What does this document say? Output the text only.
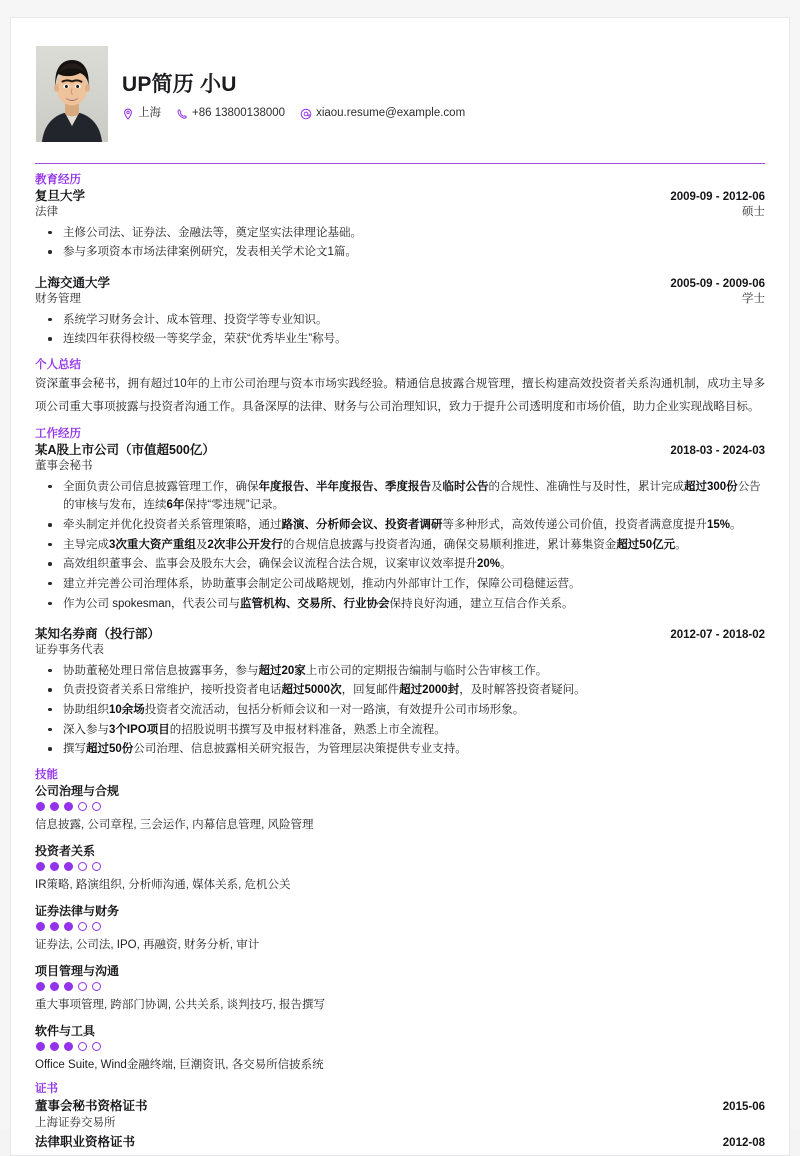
UP简历 小U
上海	+86 13800138000	xiaou.resume@example.com
教育经历
复旦大学	2009-09 - 2012-06
法律	硕士
主修公司法、证券法、金融法等，奠定坚实法律理论基础。
参与多项资本市场法律案例研究，发表相关学术论文1篇。
上海交通大学	2005-09 - 2009-06
财务管理	学士
系统学习财务会计、成本管理、投资学等专业知识。
连续四年获得校级一等奖学金，荣获“优秀毕业生”称号。
个人总结

资深董事会秘书，拥有超过10年的上市公司治理与资本市场实践经验。精通信息披露合规管理，擅长构建高效投资者关系沟通机制，成功主导多项公司重大事项披露与投资者沟通工作。具备深厚的法律、财务与公司治理知识，致力于提升公司透明度和市场价值，助力企业实现战略目标。

工作经历
某A股上市公司（市值超500亿）	2018-03 - 2024-03
董事会秘书
全面负责公司信息披露管理工作，确保年度报告、半年度报告、季度报告及临时公告的合规性、准确性与及时性，累计完成超过300份公告的审核与发布，连续6年保持“零违规”记录。
牵头制定并优化投资者关系管理策略，通过路演、分析师会议、投资者调研等多种形式，高效传递公司价值，投资者满意度提升15%。
主导完成3次重大资产重组及2次非公开发行的合规信息披露与投资者沟通，确保交易顺利推进，累计募集资金超过50亿元。
高效组织董事会、监事会及股东大会，确保会议流程合法合规，议案审议效率提升20%。
建立并完善公司治理体系，协助董事会制定公司战略规划，推动内外部审计工作，保障公司稳健运营。
作为公司 spokesman，代表公司与监管机构、交易所、行业协会保持良好沟通，建立互信合作关系。
某知名券商（投行部）	2012-07 - 2018-02
证券事务代表
协助董秘处理日常信息披露事务，参与超过20家上市公司的定期报告编制与临时公告审核工作。
负责投资者关系日常维护，接听投资者电话超过5000次，回复邮件超过2000封，及时解答投资者疑问。
协助组织10余场投资者交流活动，包括分析师会议和一对一路演，有效提升公司市场形象。
深入参与3个IPO项目的招股说明书撰写及申报材料准备，熟悉上市全流程。
撰写超过50份公司治理、信息披露相关研究报告，为管理层决策提供专业支持。
技能
公司治理与合规
信息披露, 公司章程, 三会运作, 内幕信息管理, 风险管理
投资者关系
IR策略, 路演组织, 分析师沟通, 媒体关系, 危机公关
证券法律与财务
证券法, 公司法, IPO, 再融资, 财务分析, 审计
项目管理与沟通
重大事项管理, 跨部门协调, 公共关系, 谈判技巧, 报告撰写
软件与工具
Office Suite, Wind金融终端, 巨潮资讯, 各交易所信披系统
证书
董事会秘书资格证书	2015-06
上海证券交易所
法律职业资格证书	2012-08
